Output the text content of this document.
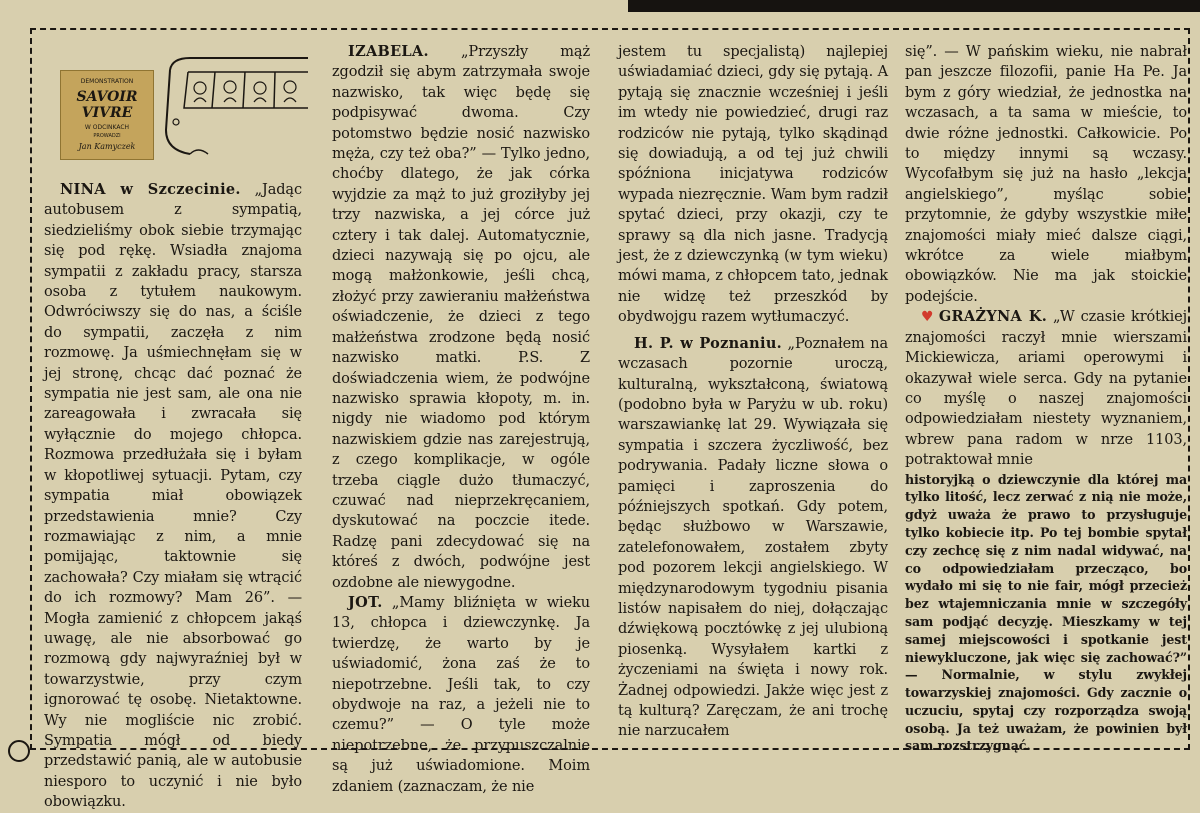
DEMONSTRATION
SAVOIR
VIVRE
W ODCINKACH
PROWADZI
Jan Kamyczek

NINA w Szczecinie. „Jadąc autobusem z sympatią, siedzieliśmy obok siebie trzymając się pod rękę. Wsiadła znajoma sympatii z zakładu pracy, starsza osoba z tytułem naukowym. Odwróciwszy się do nas, a ściśle do sympatii, zaczęła z nim rozmowę. Ja uśmiechnęłam się w jej stronę, chcąc dać poznać że sympatia nie jest sam, ale ona nie zareagowała i zwracała się wyłącznie do mojego chłopca. Rozmowa przedłużała się i byłam w kłopotliwej sytuacji. Pytam, czy sympatia miał obowiązek przedstawienia mnie? Czy rozmawiając z nim, a mnie pomijając, taktownie się zachowała? Czy miałam się wtrącić do ich rozmowy? Mam 26”. — Mogła zamienić z chłopcem jakąś uwagę, ale nie absorbować go rozmową gdy najwyraźniej był w towarzystwie, przy czym ignorować tę osobę. Nietaktowne. Wy nie mogliście nic zrobić. Sympatia mógł od biedy przedstawić panią, ale w autobusie niesporo to uczynić i nie było obowiązku.

IZABELA. „Przyszły mąż zgodził się abym zatrzymała swoje nazwisko, tak więc będę się podpisywać dwoma. Czy potomstwo będzie nosić nazwisko męża, czy też oba?” — Tylko jedno, choćby dlatego, że jak córka wyjdzie za mąż to już groziłyby jej trzy nazwiska, a jej córce już cztery i tak dalej. Automatycznie, dzieci nazywają się po ojcu, ale mogą małżonkowie, jeśli chcą, złożyć przy zawieraniu małżeństwa oświadczenie, że dzieci z tego małżeństwa zrodzone będą nosić nazwisko matki. P.S. Z doświadczenia wiem, że podwójne nazwisko sprawia kłopoty, m. in. nigdy nie wiadomo pod którym nazwiskiem gdzie nas zarejestrują, z czego komplikacje, w ogóle trzeba ciągle dużo tłumaczyć, czuwać nad nieprzekręcaniem, dyskutować na poczcie itede. Radzę pani zdecydować się na któreś z dwóch, podwójne jest ozdobne ale niewygodne.

JOT. „Mamy bliźnięta w wieku 13, chłopca i dziewczynkę. Ja twierdzę, że warto by je uświadomić, żona zaś że to niepotrzebne. Jeśli tak, to czy obydwoje na raz, a jeżeli nie to czemu?” — O tyle może niepotrzebne, że przypuszczalnie są już uświadomione. Moim zdaniem (zaznaczam, że nie

jestem tu specjalistą) najlepiej uświadamiać dzieci, gdy się pytają. A pytają się znacznie wcześniej i jeśli im wtedy nie powiedzieć, drugi raz rodziców nie pytają, tylko skądinąd się dowiadują, a od tej już chwili spóźniona inicjatywa rodziców wypada niezręcznie. Wam bym radził spytać dzieci, przy okazji, czy te sprawy są dla nich jasne. Tradycją jest, że z dziewczynką (w tym wieku) mówi mama, z chłopcem tato, jednak nie widzę też przeszkód by obydwojgu razem wytłumaczyć.

H. P. w Poznaniu. „Poznałem na wczasach pozornie uroczą, kulturalną, wykształconą, światową (podobno była w Paryżu w ub. roku) warszawiankę lat 29. Wywiązała się sympatia i szczera życzliwość, bez podrywania. Padały liczne słowa o pamięci i zaproszenia do późniejszych spotkań. Gdy potem, będąc służbowo w Warszawie, zatelefonowałem, zostałem zbyty pod pozorem lekcji angielskiego. W międzynarodowym tygodniu pisania listów napisałem do niej, dołączając dźwiękową pocztówkę z jej ulubioną piosenką. Wysyłałem kartki z życzeniami na święta i nowy rok. Żadnej odpowiedzi. Jakże więc jest z tą kulturą? Zaręczam, że ani trochę nie narzucałem

się”. — W pańskim wieku, nie nabrał pan jeszcze filozofii, panie Ha Pe. Ja bym z góry wiedział, że jednostka na wczasach, a ta sama w mieście, to dwie różne jednostki. Całkowicie. Po to między innymi są wczasy. Wycofałbym się już na hasło „lekcja angielskiego”, myśląc sobie przytomnie, że gdyby wszystkie miłe znajomości miały mieć dalsze ciągi, wkrótce za wiele miałbym obowiązków. Nie ma jak stoickie podejście.

♥ GRAŻYNA K. „W czasie krótkiej znajomości raczył mnie wierszami Mickiewicza, ariami operowymi i okazywał wiele serca. Gdy na pytanie co myślę o naszej znajomości odpowiedziałam niestety wyznaniem, wbrew pana radom w nrze 1103, potraktował mnie

historyjką o dziewczynie dla której ma tylko litość, lecz zerwać z nią nie może, gdyż uważa że prawo to przysługuje tylko kobiecie itp. Po tej bombie spytał czy zechcę się z nim nadal widywać, na co odpowiedziałam przecząco, bo wydało mi się to nie fair, mógł przecież bez wtajemniczania mnie w szczegóły sam podjąć decyzję. Mieszkamy w tej samej miejscowości i spotkanie jest niewykluczone, jak więc się zachować?” — Normalnie, w stylu zwykłej towarzyskiej znajomości. Gdy zacznie o uczuciu, spytaj czy rozporządza swoją osobą. Ja też uważam, że powinien był sam rozstrzygnąć.
